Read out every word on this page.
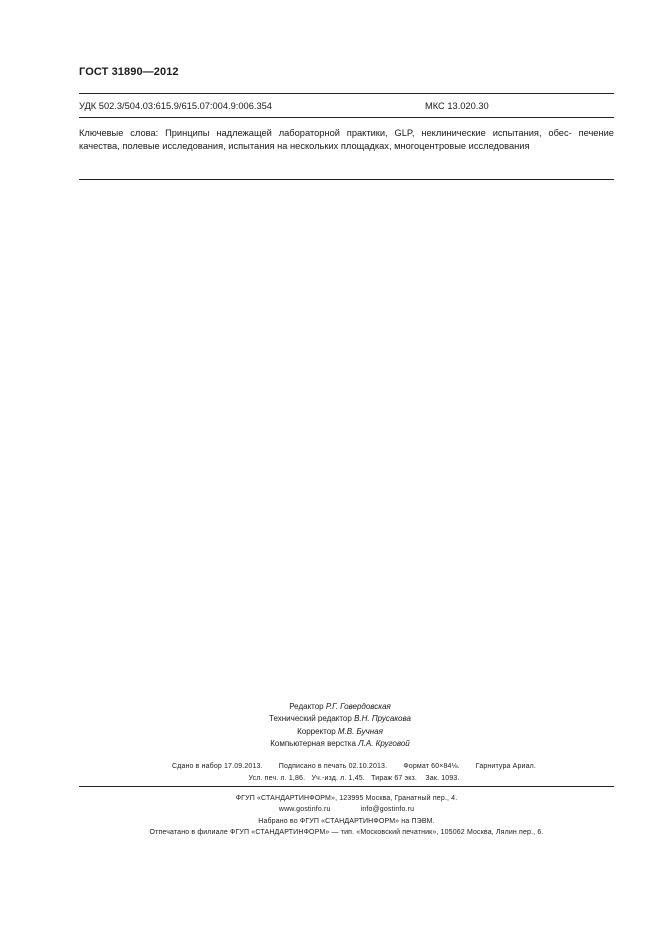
ГОСТ 31890—2012
УДК 502.3/504.03:615.9/615.07:004.9:006.354	МКС 13.020.30

Ключевые слова: Принципы надлежащей лабораторной практики, GLP, неклинические испытания, обес- печение качества, полевые исследования, испытания на нескольких площадках, многоцентровые исследования

Редактор Р.Г. Говердовская
Технический редактор В.Н. Прусакова
Корректор М.В. Бучная
Компьютерная верстка Л.А. Круговой
Сдано в набор 17.09.2013. Подписано в печать 02.10.2013. Формат 60×84⅛. Гарнитура Ариал.
Усл. печ. л. 1,86. Уч.-изд. л. 1,45. Тираж 67 экз. Зак. 1093.
ФГУП «СТАНДАРТИНФОРМ», 123995 Москва, Гранатный пер., 4.
www.gostinfo.ru	info@gostinfo.ru
Набрано во ФГУП «СТАНДАРТИНФОРМ» на ПЭВМ.
Отпечатано в филиале ФГУП «СТАНДАРТИНФОРМ» — тип. «Московский печатник», 105062 Москва, Лялин пер., 6.
